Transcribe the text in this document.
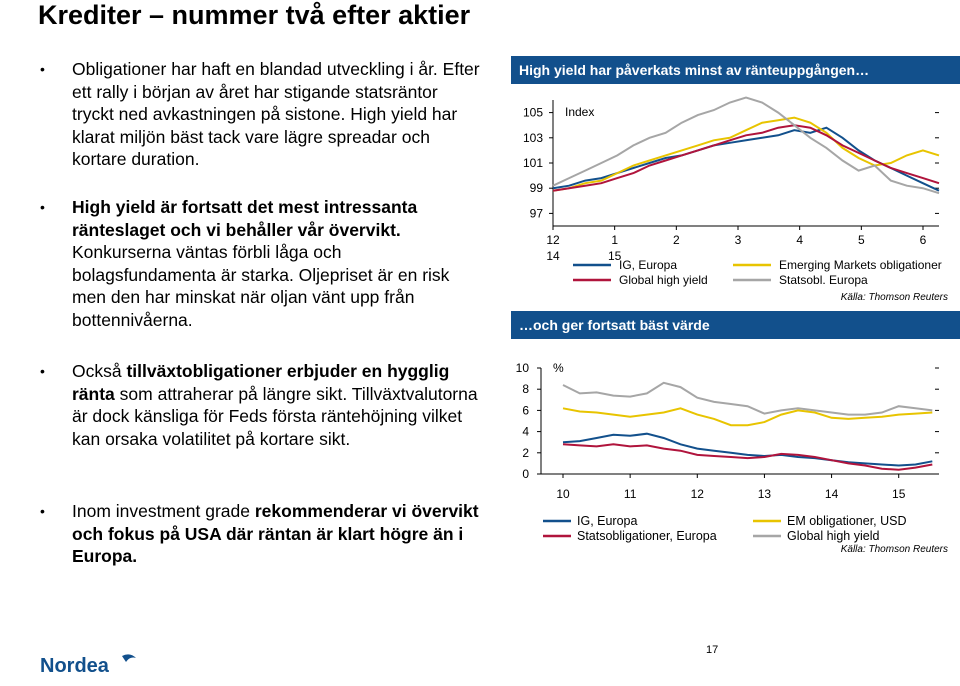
Krediter – nummer två efter aktier
• Obligationer har haft en blandad utveckling i år. Efter ett rally i början av året har stigande statsräntor tryckt ned avkastningen på sistone. High yield har klarat miljön bäst tack vare lägre spreadar och kortare duration.
• High yield är fortsatt det mest intressanta ränteslaget och vi behåller vår övervikt. Konkurserna väntas förbli låga och bolagsfundamenta är starka. Oljepriset är en risk men den har minskat när oljan vänt upp från bottennivåerna.
• Också tillväxtobligationer erbjuder en hygglig ränta som attraherar på längre sikt. Tillväxtvalutorna är dock känsliga för Feds första räntehöjning vilket kan orsaka volatilitet på kortare sikt.
• Inom investment grade rekommenderar vi övervikt och fokus på USA där räntan är klart högre än i Europa.
High yield har påverkats minst av ränteuppgången…
…och ger fortsatt bäst värde
105
103
101
99
97
Index
12	1	2	3	4	5	6
14	15
IG, Europa	Emerging Markets obligationer
Global high yield	Statsobl. Europa
Källa: Thomson Reuters
10
8
6
4
2
0
%
10	11	12	13	14	15
IG, Europa	EM obligationer, USD
Statsobligationer, Europa	Global high yield
Källa: Thomson Reuters
Nordea
17
